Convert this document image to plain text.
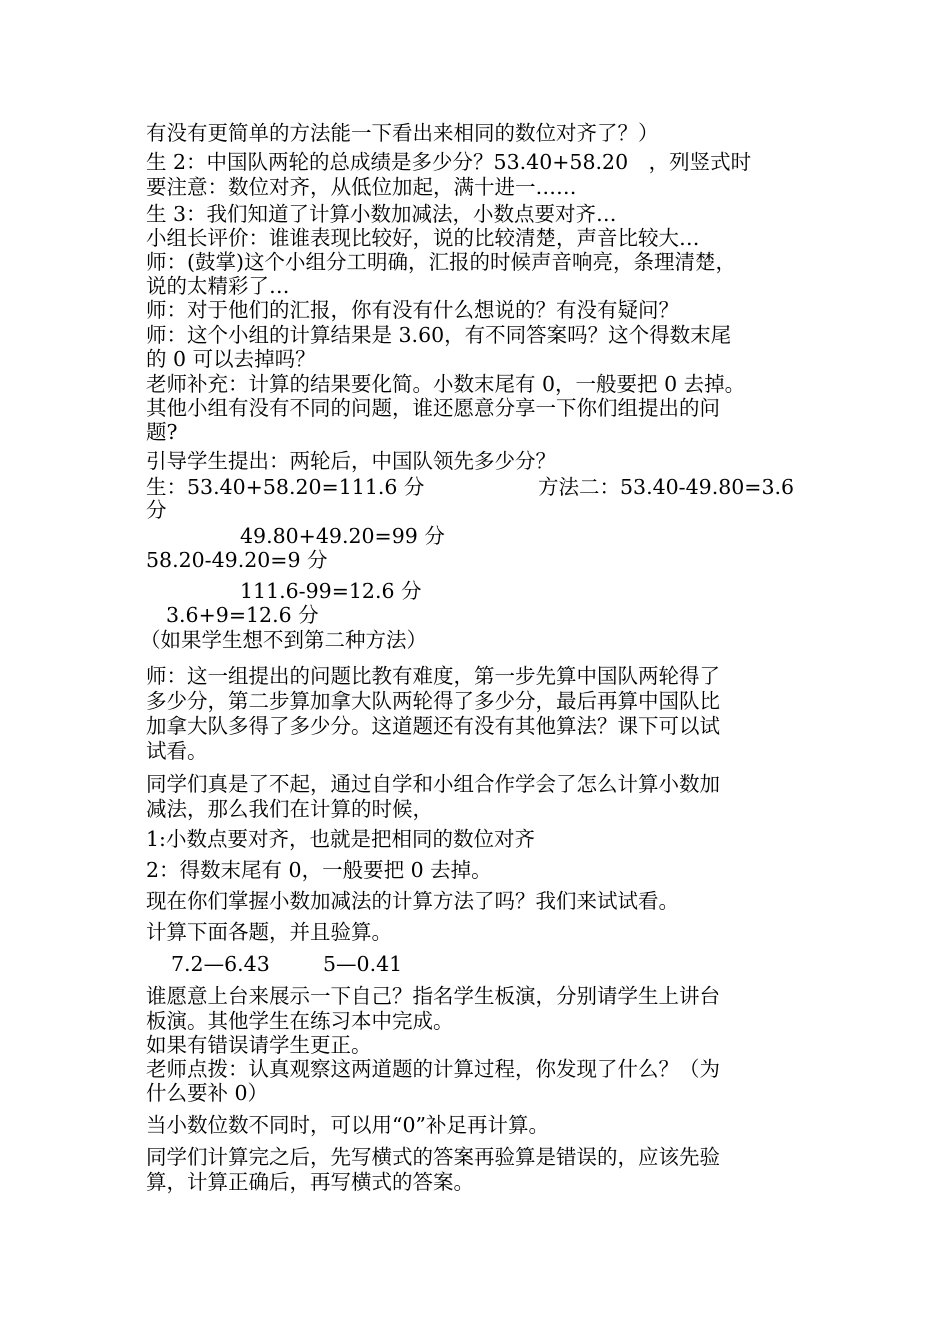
有没有更简单的方法能一下看出来相同的数位对齐了？）
生 2：中国队两轮的总成绩是多少分？53.40+58.20　，列竖式时
要注意：数位对齐，从低位加起，满十进一……
生 3：我们知道了计算小数加减法，小数点要对齐…
小组长评价：谁谁表现比较好，说的比较清楚，声音比较大…
师：(鼓掌)这个小组分工明确，汇报的时候声音响亮，条理清楚，
说的太精彩了…
师：对于他们的汇报，你有没有什么想说的？有没有疑问？
师：这个小组的计算结果是 3.60，有不同答案吗？这个得数末尾
的 0 可以去掉吗？
老师补充：计算的结果要化简。小数末尾有 0，一般要把 0 去掉。
其他小组有没有不同的问题，谁还愿意分享一下你们组提出的问
题?
引导学生提出：两轮后，中国队领先多少分？
生：53.40+58.20=111.6 分	方法二：53.40-49.80=3.6
分
49.80+49.20=99 分
58.20-49.20=9 分
111.6-99=12.6 分
3.6+9=12.6 分
（如果学生想不到第二种方法）
师：这一组提出的问题比教有难度，第一步先算中国队两轮得了
多少分，第二步算加拿大队两轮得了多少分，最后再算中国队比
加拿大队多得了多少分。这道题还有没有其他算法？课下可以试
试看。
同学们真是了不起，通过自学和小组合作学会了怎么计算小数加
减法，那么我们在计算的时候，
1:小数点要对齐，也就是把相同的数位对齐
2：得数末尾有 0，一般要把 0 去掉。
现在你们掌握小数加减法的计算方法了吗？我们来试试看。
计算下面各题，并且验算。
7.2—6.43	5—0.41
谁愿意上台来展示一下自己？指名学生板演，分别请学生上讲台
板演。其他学生在练习本中完成。
如果有错误请学生更正。
老师点拨：认真观察这两道题的计算过程，你发现了什么？（为
什么要补 0）
当小数位数不同时，可以用“0”补足再计算。
同学们计算完之后，先写横式的答案再验算是错误的，应该先验
算，计算正确后，再写横式的答案。
